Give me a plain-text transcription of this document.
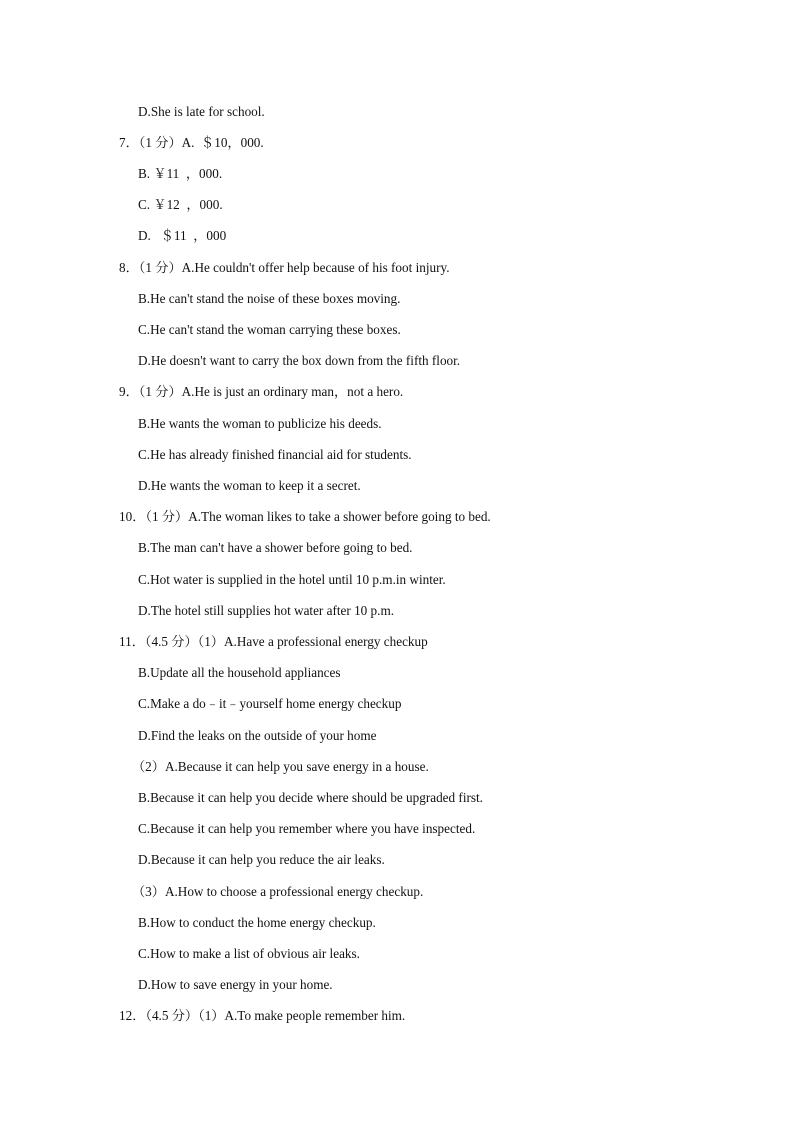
D.She is late for school.
7．（1 分）A.  ＄10，000.
B. ￥11  ，000.
C. ￥12  ，000.
D.   ＄11  ，000
8．（1 分）A.He couldn't offer help because of his foot injury.
B.He can't stand the noise of these boxes moving.
C.He can't stand the woman carrying these boxes.
D.He doesn't want to carry the box down from the fifth floor.
9．（1 分）A.He is just an ordinary man，not a hero.
B.He wants the woman to publicize his deeds.
C.He has already finished financial aid for students.
D.He wants the woman to keep it a secret.
10．（1 分）A.The woman likes to take a shower before going to bed.
B.The man can't have a shower before going to bed.
C.Hot water is supplied in the hotel until 10 p.m.in winter.
D.The hotel still supplies hot water after 10 p.m.
11．（4.5 分）（1）A.Have a professional energy checkup
B.Update all the household appliances
C.Make a do﹣it﹣yourself home energy checkup
D.Find the leaks on the outside of your home
（2）A.Because it can help you save energy in a house.
B.Because it can help you decide where should be upgraded first.
C.Because it can help you remember where you have inspected.
D.Because it can help you reduce the air leaks.
（3）A.How to choose a professional energy checkup.
B.How to conduct the home energy checkup.
C.How to make a list of obvious air leaks.
D.How to save energy in your home.
12．（4.5 分）（1）A.To make people remember him.
